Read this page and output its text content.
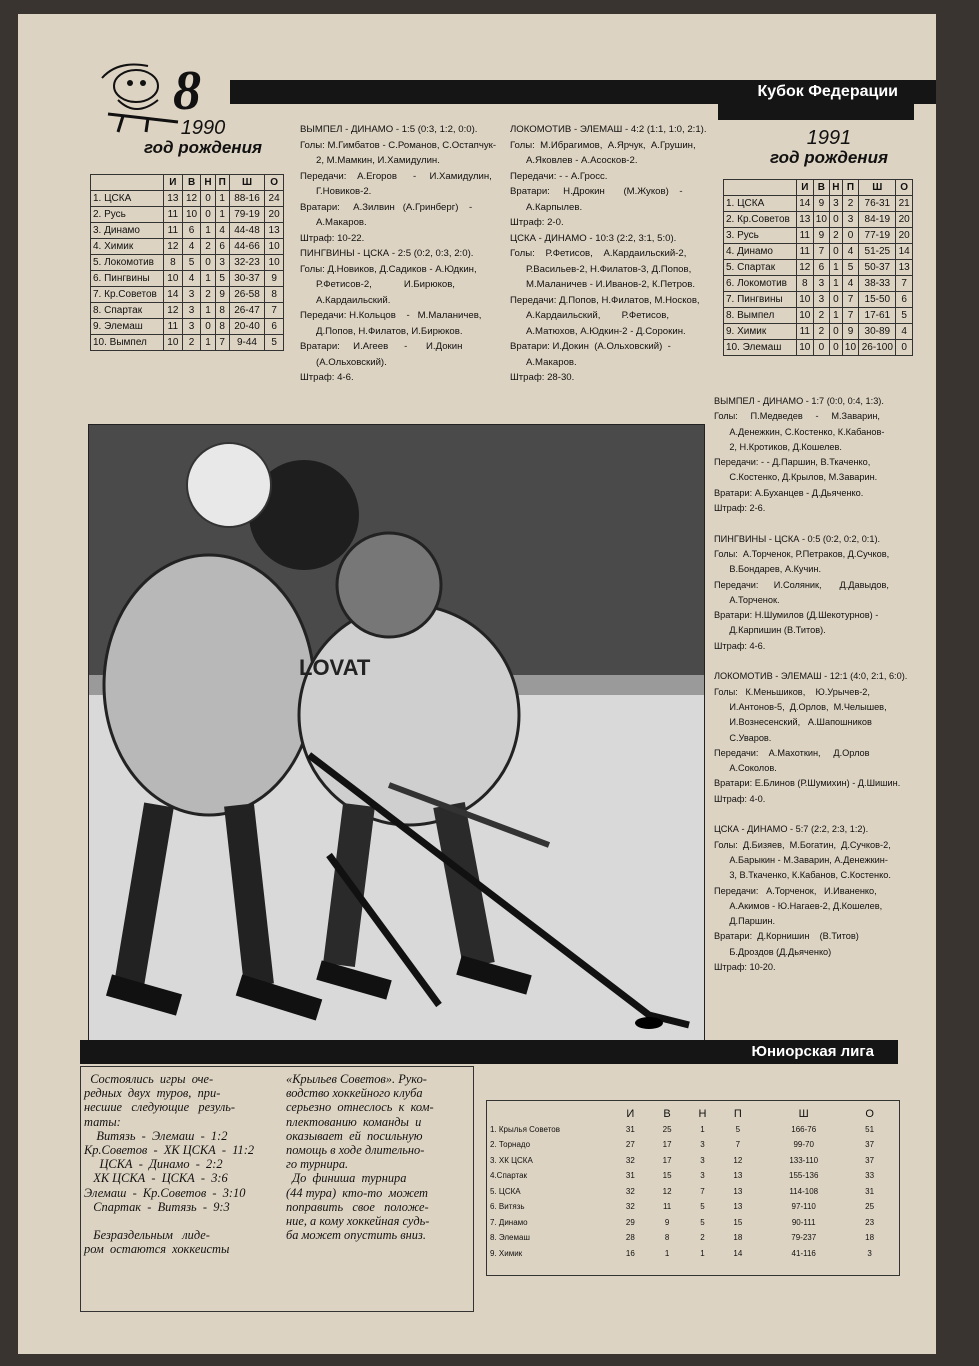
8	Кубок Федерации
1990
год рождения
	И	В	Н	П	Ш	О
1. ЦСКА	13	12	0	1	88-16	24
2. Русь	11	10	0	1	79-19	20
3. Динамо	11	6	1	4	44-48	13
4. Химик	12	4	2	6	44-66	10
5. Локомотив	8	5	0	3	32-23	10
6. Пингвины	10	4	1	5	30-37	9
7. Кр.Советов	14	3	2	9	26-58	8
8. Спартак	12	3	1	8	26-47	7
9. Элемаш	11	3	0	8	20-40	6
10. Вымпел	10	2	1	7	9-44	5
1991
год рождения
	И	В	Н	П	Ш	О
1. ЦСКА	14	9	3	2	76-31	21
2. Кр.Советов	13	10	0	3	84-19	20
3. Русь	11	9	2	0	77-19	20
4. Динамо	11	7	0	4	51-25	14
5. Спартак	12	6	1	5	50-37	13
6. Локомотив	8	3	1	4	38-33	7
7. Пингвины	10	3	0	7	15-50	6
8. Вымпел	10	2	1	7	17-61	5
9. Химик	11	2	0	9	30-89	4
10. Элемаш	10	0	0	10	26-100	0
ВЫМПЕЛ - ДИНАМО - 1:5 (0:3, 1:2, 0:0).
Голы: М.Гимбатов - С.Романов, С.Остапчук-
2, М.Мамкин, И.Хамидулин.
Передачи:    А.Егоров      -     И.Хамидулин,
Г.Новиков-2.
Вратари:     А.Зилвин   (А.Гринберг)    -
А.Макаров.
Штраф: 10-22.
ПИНГВИНЫ - ЦСКА - 2:5 (0:2, 0:3, 2:0).
Голы: Д.Новиков, Д.Садиков - А.Юдкин,
Р.Фетисов-2,            И.Бирюков,
А.Кардаильский.
Передачи: Н.Кольцов    -   М.Маланичев,
Д.Попов, Н.Филатов, И.Бирюков.
Вратари:     И.Агеев      -       И.Докин
(А.Ольховский).
Штраф: 4-6.
ЛОКОМОТИВ - ЭЛЕМАШ - 4:2 (1:1, 1:0, 2:1).
Голы:  М.Ибрагимов,  А.Ярчук,  А.Грушин,
А.Яковлев - А.Асосков-2.
Передачи: - - А.Гросс.
Вратари:     Н.Дрокин       (М.Жуков)    -
А.Карпылев.
Штраф: 2-0.
ЦСКА - ДИНАМО - 10:3 (2:2, 3:1, 5:0).
Голы:    Р.Фетисов,    А.Кардаильский-2,
Р.Васильев-2, Н.Филатов-3, Д.Попов,
М.Маланичев - И.Иванов-2, К.Петров.
Передачи: Д.Попов, Н.Филатов, М.Носков,
А.Кардаильский,        Р.Фетисов,
А.Матюхов, А.Юдкин-2 - Д.Сорокин.
Вратари: И.Докин  (А.Ольховский)  -
А.Макаров.
Штраф: 28-30.
ВЫМПЕЛ - ДИНАМО - 1:7 (0:0, 0:4, 1:3).
Голы:     П.Медведев     -     М.Заварин,
А.Денежкин, С.Костенко, К.Кабанов-
2, Н.Кротиков, Д.Кошелев.
Передачи: - - Д.Паршин, В.Ткаченко,
С.Костенко, Д.Крылов, М.Заварин.
Вратари: А.Буханцев - Д.Дьяченко.
Штраф: 2-6.

ПИНГВИНЫ - ЦСКА - 0:5 (0:2, 0:2, 0:1).
Голы:  А.Торченок, Р.Петраков, Д.Сучков,
В.Бондарев, А.Кучин.
Передачи:      И.Соляник,       Д.Давыдов,
А.Торченок.
Вратари: Н.Шумилов (Д.Шекотурнов) -
Д.Карпишин (В.Титов).
Штраф: 4-6.

ЛОКОМОТИВ - ЭЛЕМАШ - 12:1 (4:0, 2:1, 6:0).
Голы:   К.Меньшиков,    Ю.Урычев-2,
И.Антонов-5,  Д.Орлов,  М.Челышев,
И.Вознесенский,   А.Шапошников
С.Уваров.
Передачи:    А.Махоткин,     Д.Орлов
А.Соколов.
Вратари: Е.Блинов (Р.Шумихин) - Д.Шишин.
Штраф: 4-0.

ЦСКА - ДИНАМО - 5:7 (2:2, 2:3, 1:2).
Голы:  Д.Бизяев,  М.Богатин,  Д.Сучков-2,
А.Барыкин - М.Заварин, А.Денежкин-
3, В.Ткаченко, К.Кабанов, С.Костенко.
Передачи:   А.Торченок,   И.Иваненко,
А.Акимов - Ю.Нагаев-2, Д.Кошелев,
Д.Паршин.
Вратари:  Д.Корнишин    (В.Титов)
Б.Дроздов (Д.Дьяченко)
Штраф: 10-20.
LOVAT
Юниорская лига
Состоялись  игры  оче-
редных  двух  туров,  при-
несшие   следующие   резуль-
таты:
Витязь  -  Элемаш  -  1:2
Кр.Советов  -  ХК ЦСКА  -  11:2
ЦСКА  -  Динамо  -  2:2
ХК ЦСКА  -  ЦСКА  -  3:6
Элемаш  -  Кр.Советов  -  3:10
Спартак  -  Витязь  -  9:3

Безраздельным   лиде-
ром  остаются  хоккеисты
«Крыльев Советов». Руко-
водство хоккейного клуба
серьезно  отнеслось  к  ком-
плектованию  команды  и
оказывает  ей  посильную
помощь в ходе длительно-
го турнира.
До  финиша  турнира
(44 тура)  кто-то  может
поправить   свое   положе-
ние, а кому хоккейная судь-
ба может опустить вниз.
	И	В	Н	П	Ш	О
1. Крылья Советов	31	25	1	5	166-76	51
2. Торнадо	27	17	3	7	99-70	37
3. ХК ЦСКА	32	17	3	12	133-110	37
4.Спартак	31	15	3	13	155-136	33
5. ЦСКА	32	12	7	13	114-108	31
6. Витязь	32	11	5	13	97-110	25
7. Динамо	29	9	5	15	90-111	23
8. Элемаш	28	8	2	18	79-237	18
9. Химик	16	1	1	14	41-116	3
